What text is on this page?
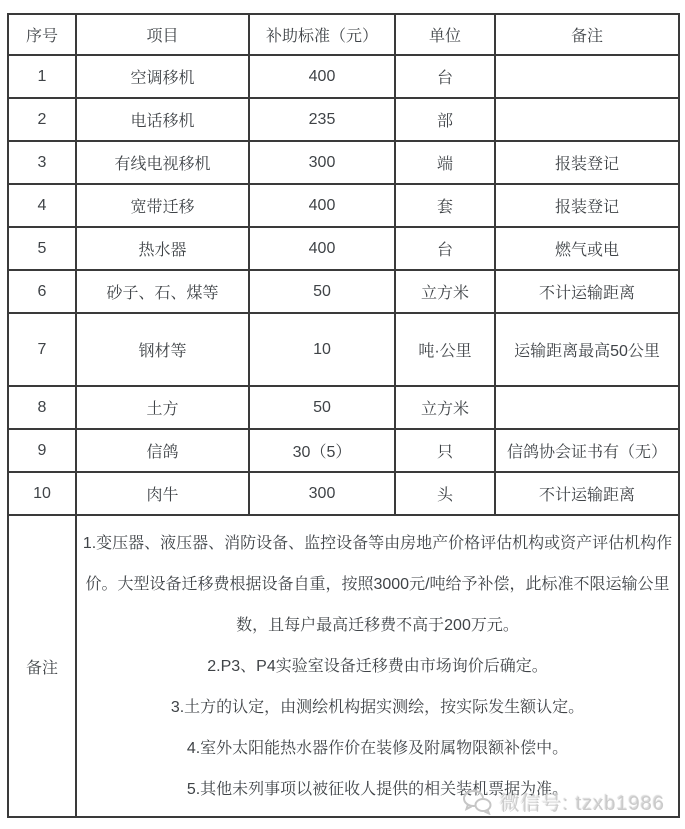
序号	项目	补助标准（元）	单位	备注
1	空调移机	400	台	
2	电话移机	235	部	
3	有线电视移机	300	端	报装登记
4	宽带迁移	400	套	报装登记
5	热水器	400	台	燃气或电
6	砂子、石、煤等	50	立方米	不计运输距离
7	钢材等	10	吨·公里	运输距离最高50公里
8	土方	50	立方米	
9	信鸽	30（5）	只	信鸽协会证书有（无）
10	肉牛	300	头	不计运输距离
备注	1.变压器、液压器、消防设备、监控设备等由房地产价格评估机构或资产评估机构作价。大型设备迁移费根据设备自重，按照3000元/吨给予补偿，此标准不限运输公里数，且每户最高迁移费不高于200万元。

2.P3、P4实验室设备迁移费由市场询价后确定。

3.土方的认定，由测绘机构据实测绘，按实际发生额认定。

4.室外太阳能热水器作价在装修及附属物限额补偿中。

5.其他未列事项以被征收人提供的相关装机票据为准。			

微信号: tzxb1986
